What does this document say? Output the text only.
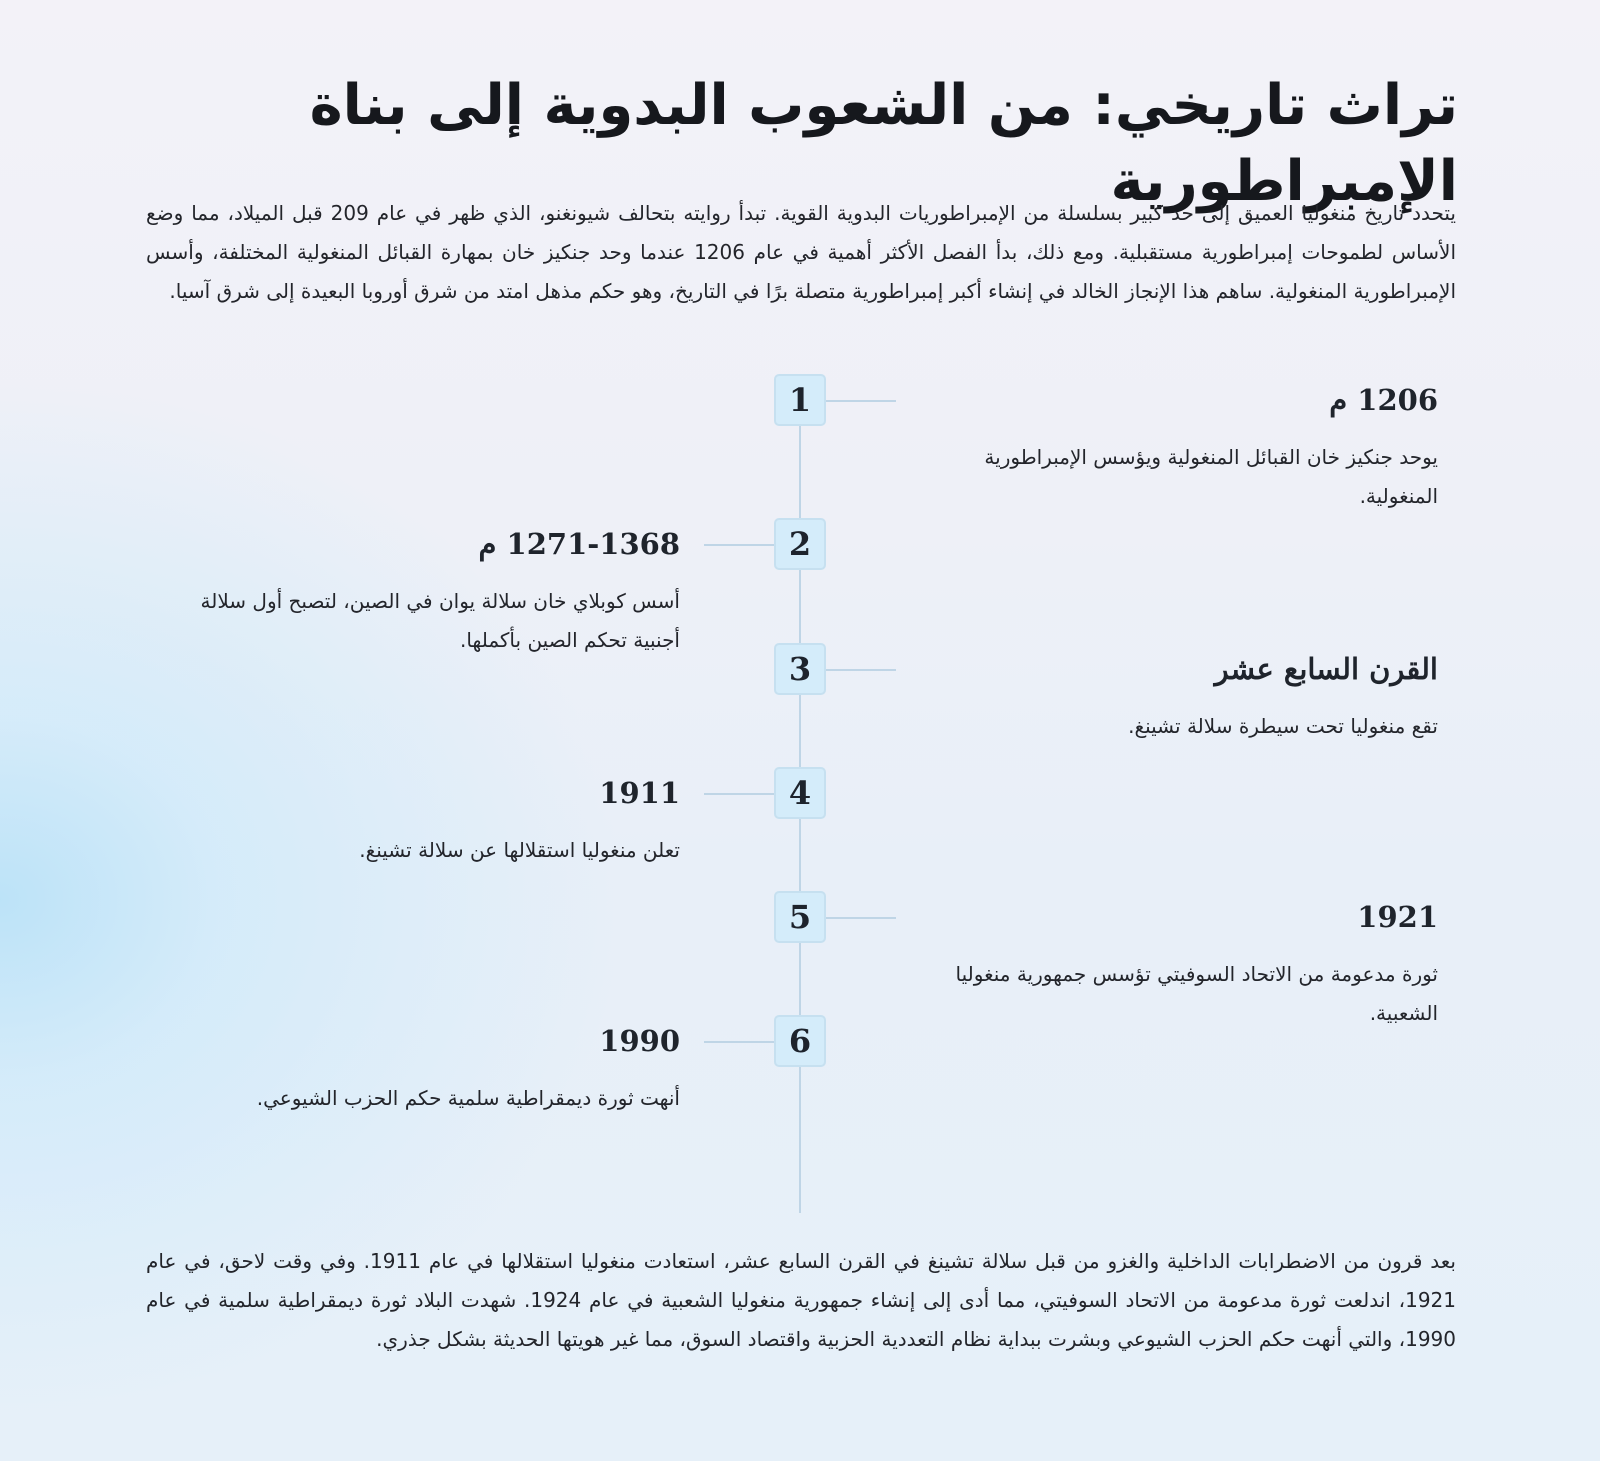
تراث تاريخي: من الشعوب البدوية إلى بناة الإمبراطورية

يتحدد تاريخ منغوليا العميق إلى حد كبير بسلسلة من الإمبراطوريات البدوية القوية. تبدأ روايته بتحالف شيونغنو، الذي ظهر في عام 209 قبل الميلاد، مما وضع الأساس لطموحات إمبراطورية مستقبلية. ومع ذلك، بدأ الفصل الأكثر أهمية في عام 1206 عندما وحد جنكيز خان بمهارة القبائل المنغولية المختلفة، وأسس الإمبراطورية المنغولية. ساهم هذا الإنجاز الخالد في إنشاء أكبر إمبراطورية متصلة برًا في التاريخ، وهو حكم مذهل امتد من شرق أوروبا البعيدة إلى شرق آسيا.

1	1206 م

يوحد جنكيز خان القبائل المنغولية ويؤسس الإمبراطورية المنغولية.

2

1271-1368 م

أسس كوبلاي خان سلالة يوان في الصين، لتصبح أول سلالة أجنبية تحكم الصين بأكملها.

3	القرن السابع عشر

تقع منغوليا تحت سيطرة سلالة تشينغ.

4

1911

تعلن منغوليا استقلالها عن سلالة تشينغ.

5	1921

ثورة مدعومة من الاتحاد السوفيتي تؤسس جمهورية منغوليا الشعبية.

6

1990

أنهت ثورة ديمقراطية سلمية حكم الحزب الشيوعي.

بعد قرون من الاضطرابات الداخلية والغزو من قبل سلالة تشينغ في القرن السابع عشر، استعادت منغوليا استقلالها في عام 1911. وفي وقت لاحق، في عام 1921، اندلعت ثورة مدعومة من الاتحاد السوفيتي، مما أدى إلى إنشاء جمهورية منغوليا الشعبية في عام 1924. شهدت البلاد ثورة ديمقراطية سلمية في عام 1990، والتي أنهت حكم الحزب الشيوعي وبشرت ببداية نظام التعددية الحزبية واقتصاد السوق، مما غير هويتها الحديثة بشكل جذري.
